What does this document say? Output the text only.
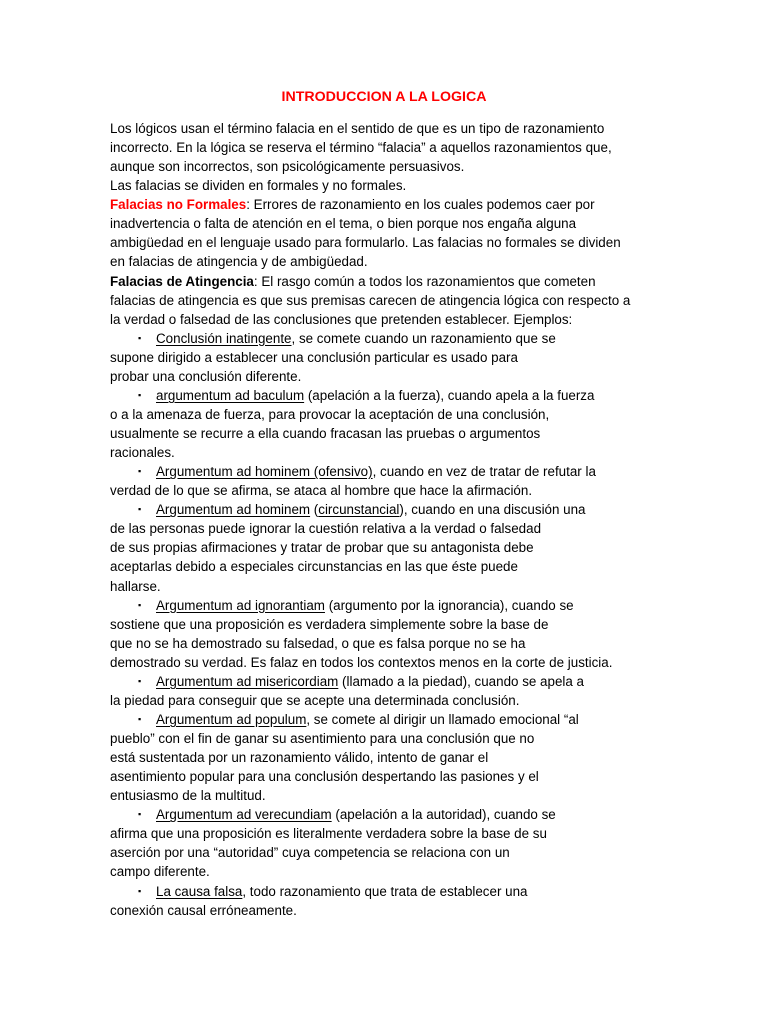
INTRODUCCION A LA LOGICA
Los lógicos usan el término falacia en el sentido de que es un tipo de razonamiento
incorrecto. En la lógica se reserva el término “falacia” a aquellos razonamientos que,
aunque son incorrectos, son psicológicamente persuasivos.
Las falacias se dividen en formales y no formales.
Falacias no Formales: Errores de razonamiento en los cuales podemos caer por
inadvertencia o falta de atención en el tema, o bien porque nos engaña alguna
ambigüedad en el lenguaje usado para formularlo. Las falacias no formales se dividen
en falacias de atingencia y de ambigüedad.
Falacias de Atingencia: El rasgo común a todos los razonamientos que cometen
falacias de atingencia es que sus premisas carecen de atingencia lógica con respecto a
la verdad o falsedad de las conclusiones que pretenden establecer. Ejemplos:
▪ Conclusión inatingente, se comete cuando un razonamiento que se
supone dirigido a establecer una conclusión particular es usado para
probar una conclusión diferente.
▪ argumentum ad baculum (apelación a la fuerza), cuando apela a la fuerza
o a la amenaza de fuerza, para provocar la aceptación de una conclusión,
usualmente se recurre a ella cuando fracasan las pruebas o argumentos
racionales.
▪ Argumentum ad hominem (ofensivo), cuando en vez de tratar de refutar la
verdad de lo que se afirma, se ataca al hombre que hace la afirmación.
▪ Argumentum ad hominem (circunstancial), cuando en una discusión una
de las personas puede ignorar la cuestión relativa a la verdad o falsedad
de sus propias afirmaciones y tratar de probar que su antagonista debe
aceptarlas debido a especiales circunstancias en las que éste puede
hallarse.
▪ Argumentum ad ignorantiam (argumento por la ignorancia), cuando se
sostiene que una proposición es verdadera simplemente sobre la base de
que no se ha demostrado su falsedad, o que es falsa porque no se ha
demostrado su verdad. Es falaz en todos los contextos menos en la corte de justicia.
▪ Argumentum ad misericordiam (llamado a la piedad), cuando se apela a
la piedad para conseguir que se acepte una determinada conclusión.
▪ Argumentum ad populum, se comete al dirigir un llamado emocional “al
pueblo” con el fin de ganar su asentimiento para una conclusión que no
está sustentada por un razonamiento válido, intento de ganar el
asentimiento popular para una conclusión despertando las pasiones y el
entusiasmo de la multitud.
▪ Argumentum ad verecundiam (apelación a la autoridad), cuando se
afirma que una proposición es literalmente verdadera sobre la base de su
aserción por una “autoridad” cuya competencia se relaciona con un
campo diferente.
▪ La causa falsa, todo razonamiento que trata de establecer una
conexión causal erróneamente.
